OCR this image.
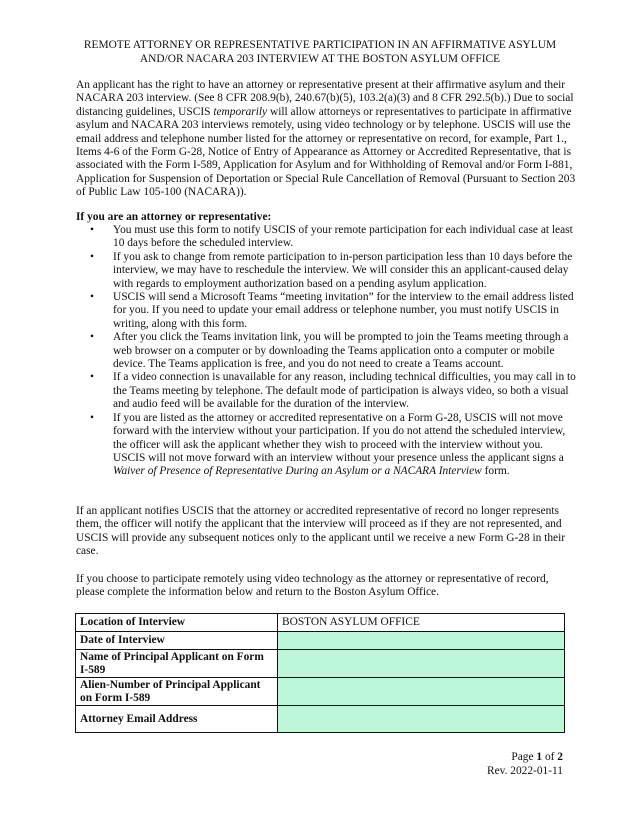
REMOTE ATTORNEY OR REPRESENTATIVE PARTICIPATION IN AN AFFIRMATIVE ASYLUM
AND/OR NACARA 203 INTERVIEW AT THE BOSTON ASYLUM OFFICE

An applicant has the right to have an attorney or representative present at their affirmative asylum and their NACARA 203 interview. (See 8 CFR 208.9(b), 240.67(b)(5), 103.2(a)(3) and 8 CFR 292.5(b).) Due to social distancing guidelines, USCIS temporarily will allow attorneys or representatives to participate in affirmative asylum and NACARA 203 interviews remotely, using video technology or by telephone. USCIS will use the email address and telephone number listed for the attorney or representative on record, for example, Part 1., Items 4-6 of the Form G-28, Notice of Entry of Appearance as Attorney or Accredited Representative, that is associated with the Form I-589, Application for Asylum and for Withholding of Removal and/or Form I-881, Application for Suspension of Deportation or Special Rule Cancellation of Removal (Pursuant to Section 203 of Public Law 105-100 (NACARA)).

If you are an attorney or representative:

• You must use this form to notify USCIS of your remote participation for each individual case at least 10 days before the scheduled interview.
• If you ask to change from remote participation to in-person participation less than 10 days before the interview, we may have to reschedule the interview. We will consider this an applicant-caused delay with regards to employment authorization based on a pending asylum application.
• USCIS will send a Microsoft Teams “meeting invitation” for the interview to the email address listed for you. If you need to update your email address or telephone number, you must notify USCIS in writing, along with this form.
• After you click the Teams invitation link, you will be prompted to join the Teams meeting through a web browser on a computer or by downloading the Teams application onto a computer or mobile device. The Teams application is free, and you do not need to create a Teams account.
• If a video connection is unavailable for any reason, including technical difficulties, you may call in to the Teams meeting by telephone. The default mode of participation is always video, so both a visual and audio feed will be available for the duration of the interview.
• If you are listed as the attorney or accredited representative on a Form G-28, USCIS will not move forward with the interview without your participation. If you do not attend the scheduled interview, the officer will ask the applicant whether they wish to proceed with the interview without you. USCIS will not move forward with an interview without your presence unless the applicant signs a Waiver of Presence of Representative During an Asylum or a NACARA Interview form.

If an applicant notifies USCIS that the attorney or accredited representative of record no longer represents them, the officer will notify the applicant that the interview will proceed as if they are not represented, and USCIS will provide any subsequent notices only to the applicant until we receive a new Form G-28 in their case.

If you choose to participate remotely using video technology as the attorney or representative of record, please complete the information below and return to the Boston Asylum Office.

Location of Interview	BOSTON ASYLUM OFFICE
Date of Interview	
Name of Principal Applicant on Form I-589	
Alien-Number of Principal Applicant on Form I-589	
Attorney Email Address	
Page 1 of 2
Rev. 2022-01-11
